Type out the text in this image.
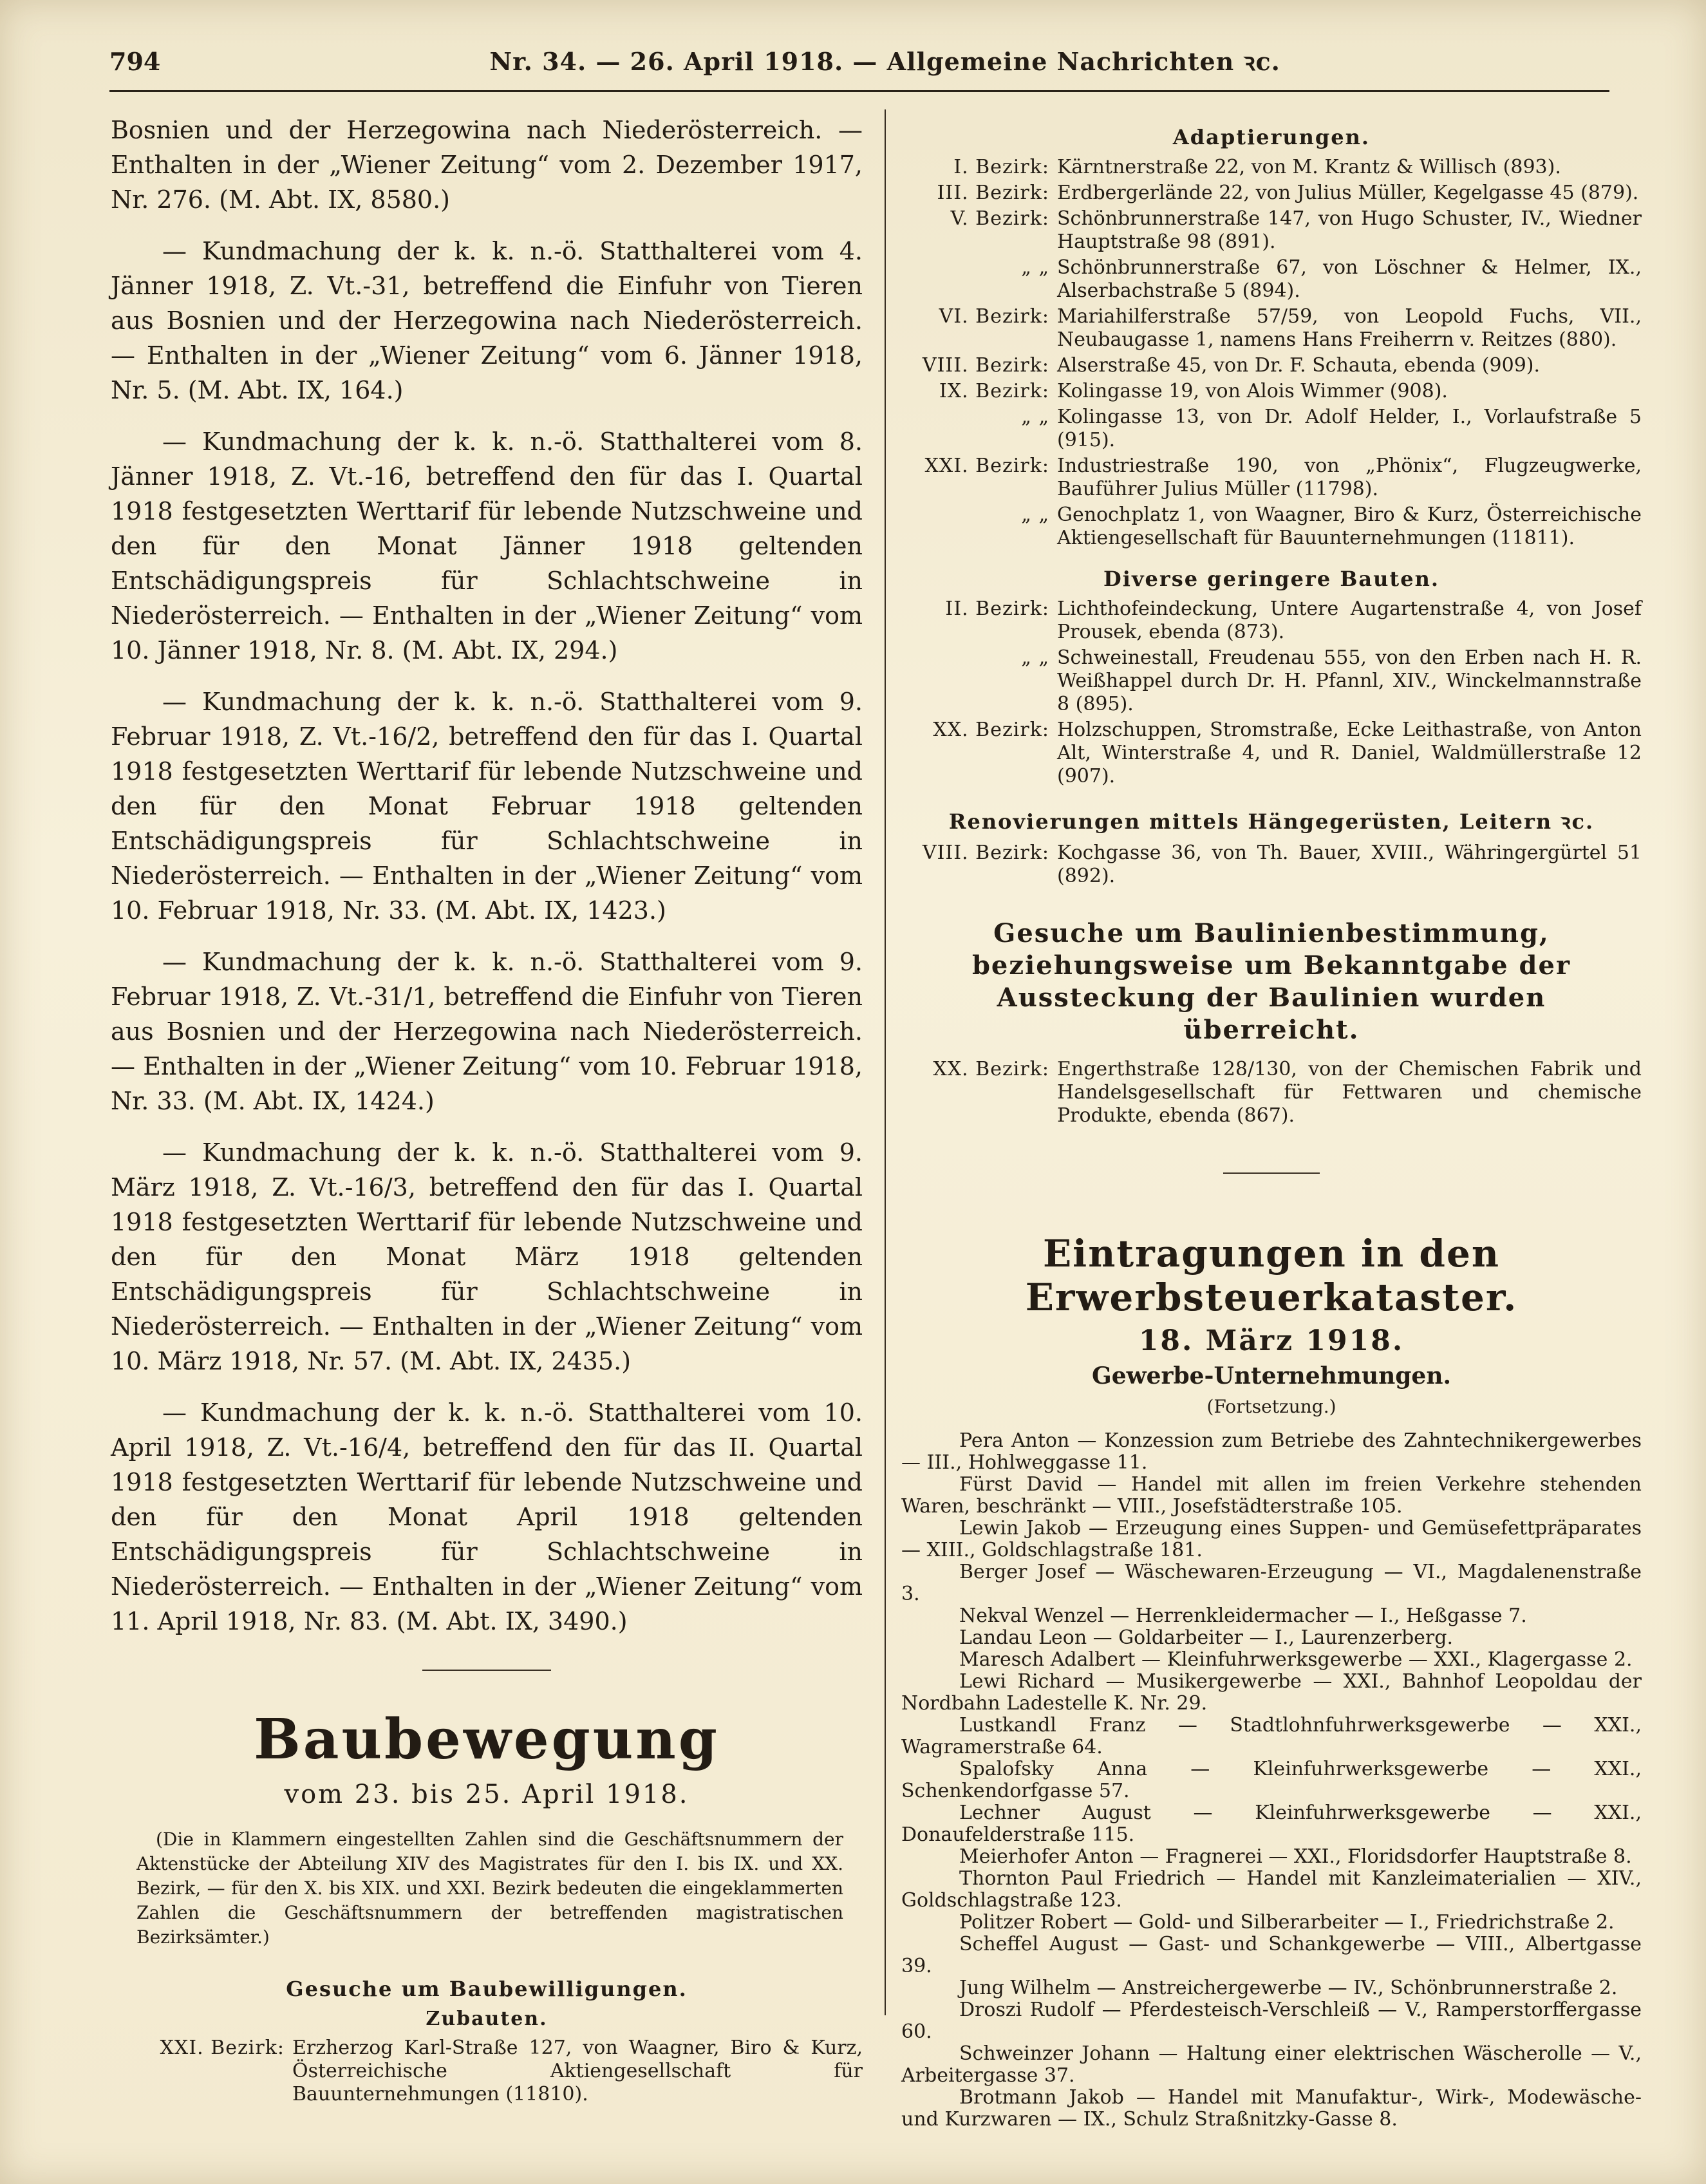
794	Nr. 34. — 26. April 1918. — Allgemeine Nachrichten ꝛc.

Bosnien und der Herzegowina nach Niederösterreich. — Enthalten in der „Wiener Zeitung“ vom 2. Dezember 1917, Nr. 276. (M. Abt. IX, 8580.)

— Kundmachung der k. k. n.-ö. Statthalterei vom 4. Jänner 1918, Z. Vt.-31, betreffend die Einfuhr von Tieren aus Bosnien und der Herzegowina nach Niederösterreich. — Enthalten in der „Wiener Zeitung“ vom 6. Jänner 1918, Nr. 5. (M. Abt. IX, 164.)

— Kundmachung der k. k. n.-ö. Statthalterei vom 8. Jänner 1918, Z. Vt.-16, betreffend den für das I. Quartal 1918 festgesetzten Werttarif für lebende Nutzschweine und den für den Monat Jänner 1918 geltenden Entschädigungspreis für Schlachtschweine in Niederösterreich. — Enthalten in der „Wiener Zeitung“ vom 10. Jänner 1918, Nr. 8. (M. Abt. IX, 294.)

— Kundmachung der k. k. n.-ö. Statthalterei vom 9. Februar 1918, Z. Vt.-16/2, betreffend den für das I. Quartal 1918 festgesetzten Werttarif für lebende Nutzschweine und den für den Monat Februar 1918 geltenden Entschädigungspreis für Schlachtschweine in Niederösterreich. — Enthalten in der „Wiener Zeitung“ vom 10. Februar 1918, Nr. 33. (M. Abt. IX, 1423.)

— Kundmachung der k. k. n.-ö. Statthalterei vom 9. Februar 1918, Z. Vt.-31/1, betreffend die Einfuhr von Tieren aus Bosnien und der Herzegowina nach Niederösterreich. — Enthalten in der „Wiener Zeitung“ vom 10. Februar 1918, Nr. 33. (M. Abt. IX, 1424.)

— Kundmachung der k. k. n.-ö. Statthalterei vom 9. März 1918, Z. Vt.-16/3, betreffend den für das I. Quartal 1918 festgesetzten Werttarif für lebende Nutzschweine und den für den Monat März 1918 geltenden Entschädigungspreis für Schlachtschweine in Niederösterreich. — Enthalten in der „Wiener Zeitung“ vom 10. März 1918, Nr. 57. (M. Abt. IX, 2435.)

— Kundmachung der k. k. n.-ö. Statthalterei vom 10. April 1918, Z. Vt.-16/4, betreffend den für das II. Quartal 1918 festgesetzten Werttarif für lebende Nutzschweine und den für den Monat April 1918 geltenden Entschädigungspreis für Schlachtschweine in Niederösterreich. — Enthalten in der „Wiener Zeitung“ vom 11. April 1918, Nr. 83. (M. Abt. IX, 3490.)

Baubewegung
vom 23. bis 25. April 1918.

(Die in Klammern eingestellten Zahlen sind die Geschäftsnummern der Aktenstücke der Abteilung XIV des Magistrates für den I. bis IX. und XX. Bezirk, — für den X. bis XIX. und XXI. Bezirk bedeuten die eingeklammerten Zahlen die Geschäftsnummern der betreffenden magistratischen Bezirksämter.)

Gesuche um Baubewilligungen.
Zubauten.
XXI. Bezirk: Erzherzog Karl-Straße 127, von Waagner, Biro & Kurz, Österreichische Aktiengesellschaft für Bauunternehmungen (11810).
Adaptierungen.
I. Bezirk: Kärntnerstraße 22, von M. Krantz & Willisch (893).
III. Bezirk: Erdbergerlände 22, von Julius Müller, Kegelgasse 45 (879).
V. Bezirk: Schönbrunnerstraße 147, von Hugo Schuster, IV., Wiedner Hauptstraße 98 (891).
„ „ Schönbrunnerstraße 67, von Löschner & Helmer, IX., Alserbachstraße 5 (894).
VI. Bezirk: Mariahilferstraße 57/59, von Leopold Fuchs, VII., Neubaugasse 1, namens Hans Freiherrn v. Reitzes (880).
VIII. Bezirk: Alserstraße 45, von Dr. F. Schauta, ebenda (909).
IX. Bezirk: Kolingasse 19, von Alois Wimmer (908).
„ „ Kolingasse 13, von Dr. Adolf Helder, I., Vorlaufstraße 5 (915).
XXI. Bezirk: Industriestraße 190, von „Phönix“, Flugzeugwerke, Bauführer Julius Müller (11798).
„ „ Genochplatz 1, von Waagner, Biro & Kurz, Österreichische Aktiengesellschaft für Bauunternehmungen (11811).
Diverse geringere Bauten.
II. Bezirk: Lichthofeindeckung, Untere Augartenstraße 4, von Josef Prousek, ebenda (873).
„ „ Schweinestall, Freudenau 555, von den Erben nach H. R. Weißhappel durch Dr. H. Pfannl, XIV., Winckelmannstraße 8 (895).
XX. Bezirk: Holzschuppen, Stromstraße, Ecke Leithastraße, von Anton Alt, Winterstraße 4, und R. Daniel, Waldmüllerstraße 12 (907).
Renovierungen mittels Hängegerüsten, Leitern ꝛc.
VIII. Bezirk: Kochgasse 36, von Th. Bauer, XVIII., Währingergürtel 51 (892).
Gesuche um Baulinienbestimmung, beziehungsweise um Bekanntgabe der Aussteckung der Baulinien wurden überreicht.
XX. Bezirk: Engerthstraße 128/130, von der Chemischen Fabrik und Handelsgesellschaft für Fettwaren und chemische Produkte, ebenda (867).
Eintragungen in den Erwerbsteuerkataster.
18. März 1918.
Gewerbe-Unternehmungen.
(Fortsetzung.)

Pera Anton — Konzession zum Betriebe des Zahntechnikergewerbes — III., Hohlweggasse 11.

Fürst David — Handel mit allen im freien Verkehre stehenden Waren, beschränkt — VIII., Josefstädterstraße 105.

Lewin Jakob — Erzeugung eines Suppen- und Gemüsefettpräparates — XIII., Goldschlagstraße 181.

Berger Josef — Wäschewaren-Erzeugung — VI., Magdalenenstraße 3.

Nekval Wenzel — Herrenkleidermacher — I., Heßgasse 7.

Landau Leon — Goldarbeiter — I., Laurenzerberg.

Maresch Adalbert — Kleinfuhrwerksgewerbe — XXI., Klagergasse 2.

Lewi Richard — Musikergewerbe — XXI., Bahnhof Leopoldau der Nordbahn Ladestelle K. Nr. 29.

Lustkandl Franz — Stadtlohnfuhrwerksgewerbe — XXI., Wagramerstraße 64.

Spalofsky Anna — Kleinfuhrwerksgewerbe — XXI., Schenkendorfgasse 57.

Lechner August — Kleinfuhrwerksgewerbe — XXI., Donaufelderstraße 115.

Meierhofer Anton — Fragnerei — XXI., Floridsdorfer Hauptstraße 8.

Thornton Paul Friedrich — Handel mit Kanzleimaterialien — XIV., Goldschlagstraße 123.

Politzer Robert — Gold- und Silberarbeiter — I., Friedrichstraße 2.

Scheffel August — Gast- und Schankgewerbe — VIII., Albertgasse 39.

Jung Wilhelm — Anstreichergewerbe — IV., Schönbrunnerstraße 2.

Droszi Rudolf — Pferdesteisch-Verschleiß — V., Ramperstorffergasse 60.

Schweinzer Johann — Haltung einer elektrischen Wäscherolle — V., Arbeitergasse 37.

Brotmann Jakob — Handel mit Manufaktur-, Wirk-, Modewäsche- und Kurzwaren — IX., Schulz Straßnitzky-Gasse 8.
